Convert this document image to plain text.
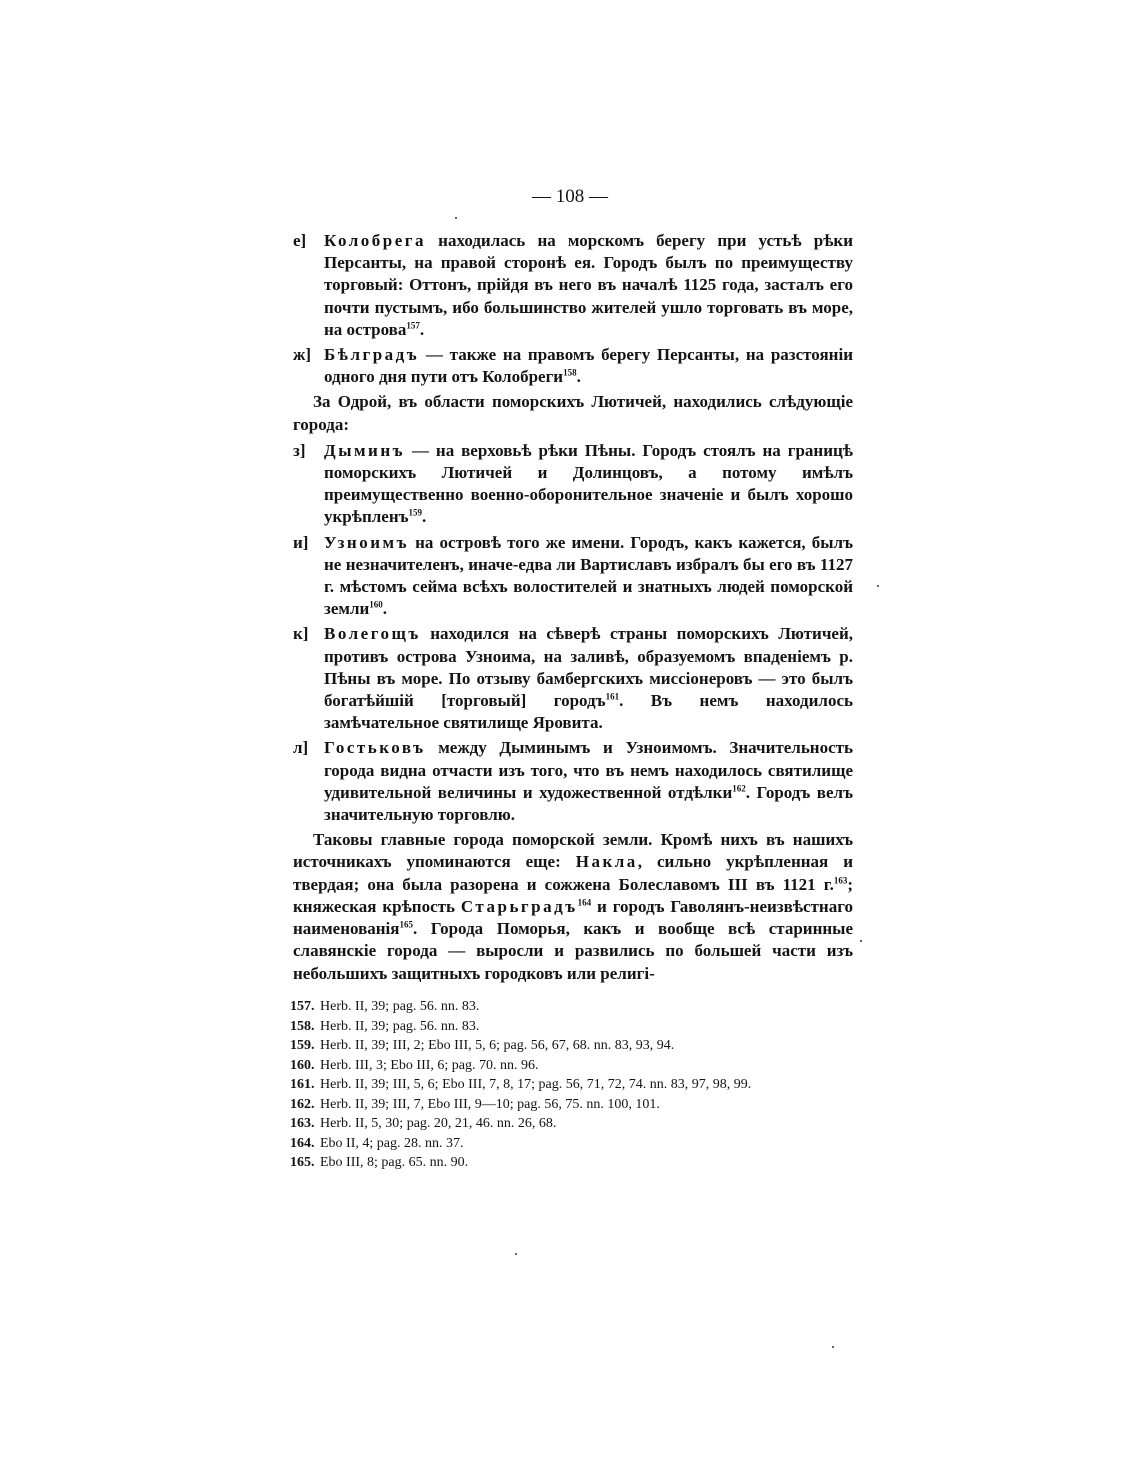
— 108 —
е]	Колобрега находилась на морскомъ берегу при устьѣ рѣки Персанты, на правой сторонѣ ея. Городъ былъ по преимуществу торговый: Оттонъ, прійдя въ него въ началѣ 1125 года, засталъ его почти пустымъ, ибо большинство жителей ушло торговать въ море, на острова$^{157}$.
ж] Бѣлградъ — также на правомъ берегу Персанты, на разстояніи одного дня пути отъ Колобреги$^{158}$.

За Одрой, въ области поморскихъ Лютичей, находились слѣдующіе города:

з]	Дыминъ — на верховьѣ рѣки Пѣны. Городъ стоялъ на границѣ поморскихъ Лютичей и Долинцовъ, а потому имѣлъ преимущественно военно-оборонительное значеніе и былъ хорошо укрѣпленъ$^{159}$.
и] Узноимъ на островѣ того же имени. Городъ, какъ кажется, былъ не незначителенъ, иначе-едва ли Вартиславъ избралъ бы его въ 1127 г. мѣстомъ сейма всѣхъ волостителей и знатныхъ людей поморской земли$^{160}$.
к] Волегощъ находился на сѣверѣ страны поморскихъ Лютичей, противъ острова Узноима, на заливѣ, образуемомъ впаденіемъ р. Пѣны въ море. По отзыву бамбергскихъ миссіонеровъ — это былъ богатѣйшій [торговый] городъ$^{161}$. Въ немъ находилось замѣчательное святилище Яровита.
л] Гостьковъ между Дыминымъ и Узноимомъ. Значительность города видна отчасти изъ того, что въ немъ находилось святилище удивительной величины и художественной отдѣлки$^{162}$. Городъ велъ значительную торговлю.

Таковы главные города поморской земли. Кромѣ нихъ въ нашихъ источникахъ упоминаются еще: Накла, сильно укрѣпленная и твердая; она была разорена и сожжена Болеславомъ III въ 1121 г.$^{163}$; княжеская крѣпость Старьградъ$^{164}$ и городъ Гаволянъ-неизвѣстнаго наименованія$^{165}$. Города Поморья, какъ и вообще всѣ старинные славянскіе города — выросли и развились по большей части изъ небольшихъ защитныхъ городковъ или религі-

157. Herb. II, 39; pag. 56. nn. 83.
158. Herb. II, 39; pag. 56. nn. 83.
159. Herb. II, 39; III, 2; Ebo III, 5, 6; pag. 56, 67, 68. nn. 83, 93, 94.
160. Herb. III, 3; Ebo III, 6; pag. 70. nn. 96.
161. Herb. II, 39; III, 5, 6; Ebo III, 7, 8, 17; pag. 56, 71, 72, 74. nn. 83, 97, 98, 99.
162. Herb. II, 39; III, 7, Ebo III, 9—10; pag. 56, 75. nn. 100, 101.
163. Herb. II, 5, 30; pag. 20, 21, 46. nn. 26, 68.
164. Ebo II, 4; pag. 28. nn. 37.
165. Ebo III, 8; pag. 65. nn. 90.
